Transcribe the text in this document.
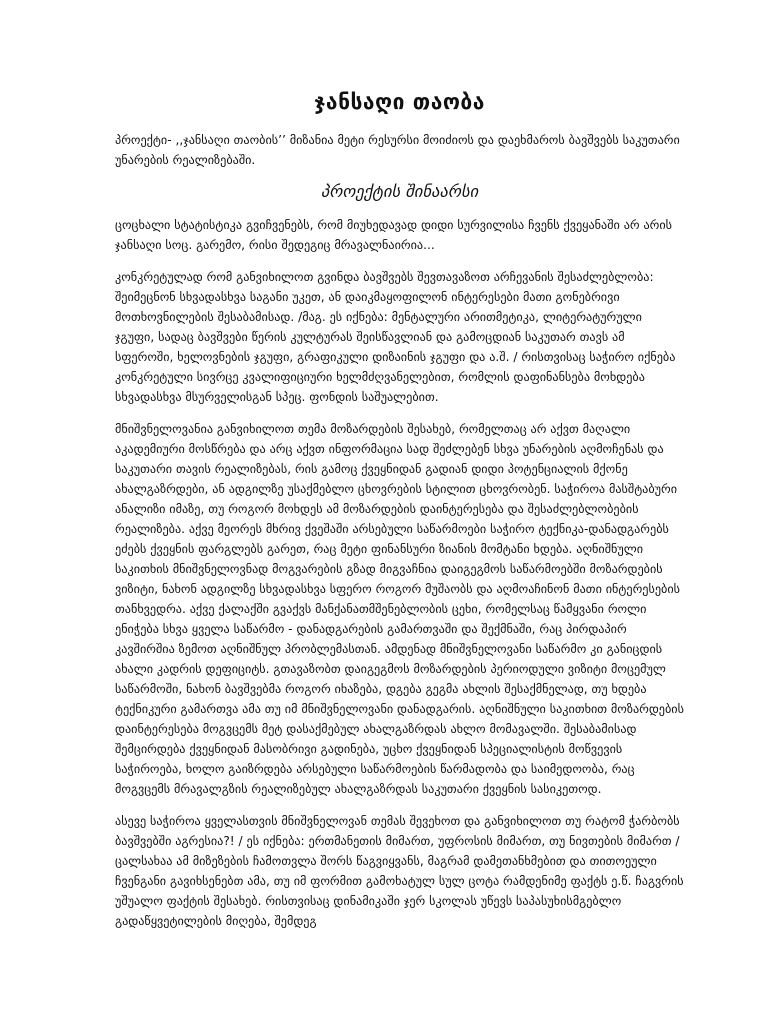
ჯანსაღი თაობა

პროექტი- ,,ჯანსაღი თაობის’’ მიზანია მეტი რესურსი მოიძიოს და დაეხმაროს ბავშვებს საკუთარი უნარების რეალიზებაში.

პროექტის შინაარსი

ცოცხალი სტატისტიკა გვიჩვენებს, რომ მიუხედავად დიდი სურვილისა ჩვენს ქვეყანაში არ არის ჯანსაღი სოც. გარემო, რისი შედეგიც მრავალნაირია...

კონკრეტულად რომ განვიხილოთ გვინდა ბავშვებს შევთავაზოთ არჩევანის შესაძლებლობა: შეიმეცნონ სხვადასხვა საგანი უკეთ, ან დაიკმაყოფილონ ინტერესები მათი გონებრივი მოთხოვნილების შესაბამისად. /მაგ. ეს იქნება: მენტალური არითმეტიკა, ლიტერატურული ჯგუფი, სადაც ბავშვები წერის კულტურას შეისწავლიან და გამოცდიან საკუთარ თავს ამ სფეროში, ხელოვნების ჯგუფი, გრაფიკული დიზაინის ჯგუფი და ა.შ. / რისთვისაც საჭირო იქნება კონკრეტული სივრცე კვალიფიციური ხელმძღვანელებით, რომლის დაფინანსება მოხდება სხვადასხვა მსურველისგან სპეც. ფონდის საშუალებით.

მნიშვნელოვანია განვიხილოთ თემა მოზარდების შესახებ, რომელთაც არ აქვთ მაღალი აკადემიური მოსწრება და არც აქვთ ინფორმაცია სად შეძლებენ სხვა უნარების აღმოჩენას და საკუთარი თავის რეალიზებას, რის გამოც ქვეყნიდან გადიან დიდი პოტენციალის მქონე ახალგაზრდები, ან ადგილზე უსაქმებლო ცხოვრების სტილით ცხოვრობენ. საჭიროა მასშტაბური ანალიზი იმაზე, თუ როგორ მოხდეს ამ მოზარდების დაინტერესება და შესაძლებლობების რეალიზება. აქვე მეორეს მხრივ ქვეშაში არსებული საწარმოები საჭირო ტექნიკა-დანადგარებს ეძებს ქვეყნის ფარგლებს გარეთ, რაც მეტი ფინანსური ზიანის მომტანი ხდება. აღნიშნული საკითხის მნიშვნელოვნად მოგვარების გზად მიგვაჩნია დაიგეგმოს საწარმოებში მოზარდების ვიზიტი, ნახონ ადგილზე სხვადასხვა სფერო როგორ მუშაობს და აღმოაჩინონ მათი ინტერესების თანხვედრა. აქვე ქალაქში გვაქვს მანქანათმშენებლობის ცეხი, რომელსაც წამყვანი როლი ენიჭება სხვა ყველა საწარმო - დანადგარების გამართვაში და შექმნაში, რაც პირდაპირ კავშირშია ზემოთ აღნიშნულ პრობლემასთან. ამდენად მნიშვნელოვანი საწარმო კი განიცდის ახალი კადრის დეფიციტს. გთავაზობთ დაიგეგმოს მოზარდების პერიოდული ვიზიტი მოცემულ საწარმოში, ნახონ ბავშვებმა როგორ იხაზება, დგება გეგმა ახლის შესაქმნელად, თუ ხდება ტექნიკური გამართვა ამა თუ იმ მნიშვნელოვანი დანადგარის. აღნიშნული საკითხით მოზარდების დაინტერესება მოგვცემს მეტ დასაქმებულ ახალგაზრდას ახლო მომავალში. შესაბამისად შემცირდება ქვეყნიდან მასობრივი გადინება, უცხო ქვეყნიდან სპეციალისტის მოწვევის საჭიროება, ხოლო გაიზრდება არსებული საწარმოების წარმადობა და საიმედოობა, რაც მოგვცემს მრავალგზის რეალიზებულ ახალგაზრდას საკუთარი ქვეყნის სასიკეთოდ.

ასევე საჭიროა ყველასთვის მნიშვნელოვან თემას შევეხოთ და განვიხილოთ თუ რატომ ჭარბობს ბავშვებში აგრესია?! / ეს იქნება: ერთმანეთის მიმართ, უფროსის მიმართ, თუ ნივთების მიმართ / ცალსახაა ამ მიზეზების ჩამოთვლა შორს წაგვიყვანს, მაგრამ დამეთანხმებით და თითოეული ჩვენგანი გავიხსენებთ ამა, თუ იმ ფორმით გამოხატულ სულ ცოტა რამდენიმე ფაქტს ე.წ. ჩაგვრის უშუალო ფაქტის შესახებ. რისთვისაც დინამიკაში ჯერ სკოლას უწევს საპასუხისმგებლო გადაწყვეტილების მიღება, შემდეგ
